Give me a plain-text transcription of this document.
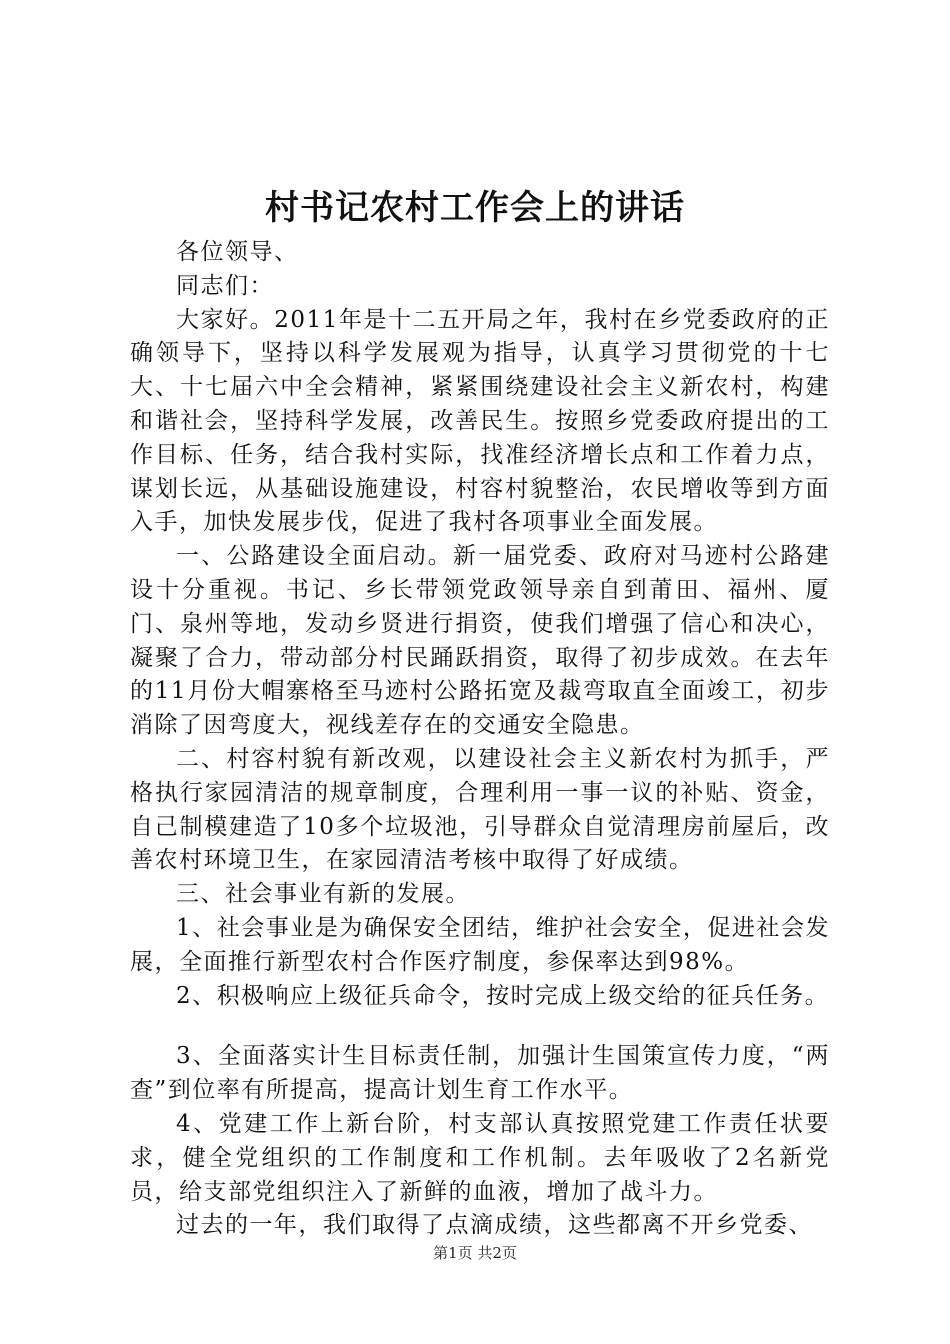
村书记农村工作会上的讲话

各位领导、

同志们：

大家好。2011年是十二五开局之年，我村在乡党委政府的正确领导下，坚持以科学发展观为指导，认真学习贯彻党的十七大、十七届六中全会精神，紧紧围绕建设社会主义新农村，构建和谐社会，坚持科学发展，改善民生。按照乡党委政府提出的工作目标、任务，结合我村实际，找准经济增长点和工作着力点，谋划长远，从基础设施建设，村容村貌整治，农民增收等到方面入手，加快发展步伐，促进了我村各项事业全面发展。

一、公路建设全面启动。新一届党委、政府对马迹村公路建设十分重视。书记、乡长带领党政领导亲自到莆田、福州、厦门、泉州等地，发动乡贤进行捐资，使我们增强了信心和决心，凝聚了合力，带动部分村民踊跃捐资，取得了初步成效。在去年的11月份大帽寨格至马迹村公路拓宽及裁弯取直全面竣工，初步消除了因弯度大，视线差存在的交通安全隐患。

二、村容村貌有新改观，以建设社会主义新农村为抓手，严格执行家园清洁的规章制度，合理利用一事一议的补贴、资金，自己制模建造了10多个垃圾池，引导群众自觉清理房前屋后，改善农村环境卫生，在家园清洁考核中取得了好成绩。

三、社会事业有新的发展。

1、社会事业是为确保安全团结，维护社会安全，促进社会发展，全面推行新型农村合作医疗制度，参保率达到98%。

2、积极响应上级征兵命令，按时完成上级交给的征兵任务。

3、全面落实计生目标责任制，加强计生国策宣传力度，“两查”到位率有所提高，提高计划生育工作水平。

4、党建工作上新台阶，村支部认真按照党建工作责任状要求，健全党组织的工作制度和工作机制。去年吸收了2名新党员，给支部党组织注入了新鲜的血液，增加了战斗力。

过去的一年，我们取得了点滴成绩，这些都离不开乡党委、

第1页 共2页
